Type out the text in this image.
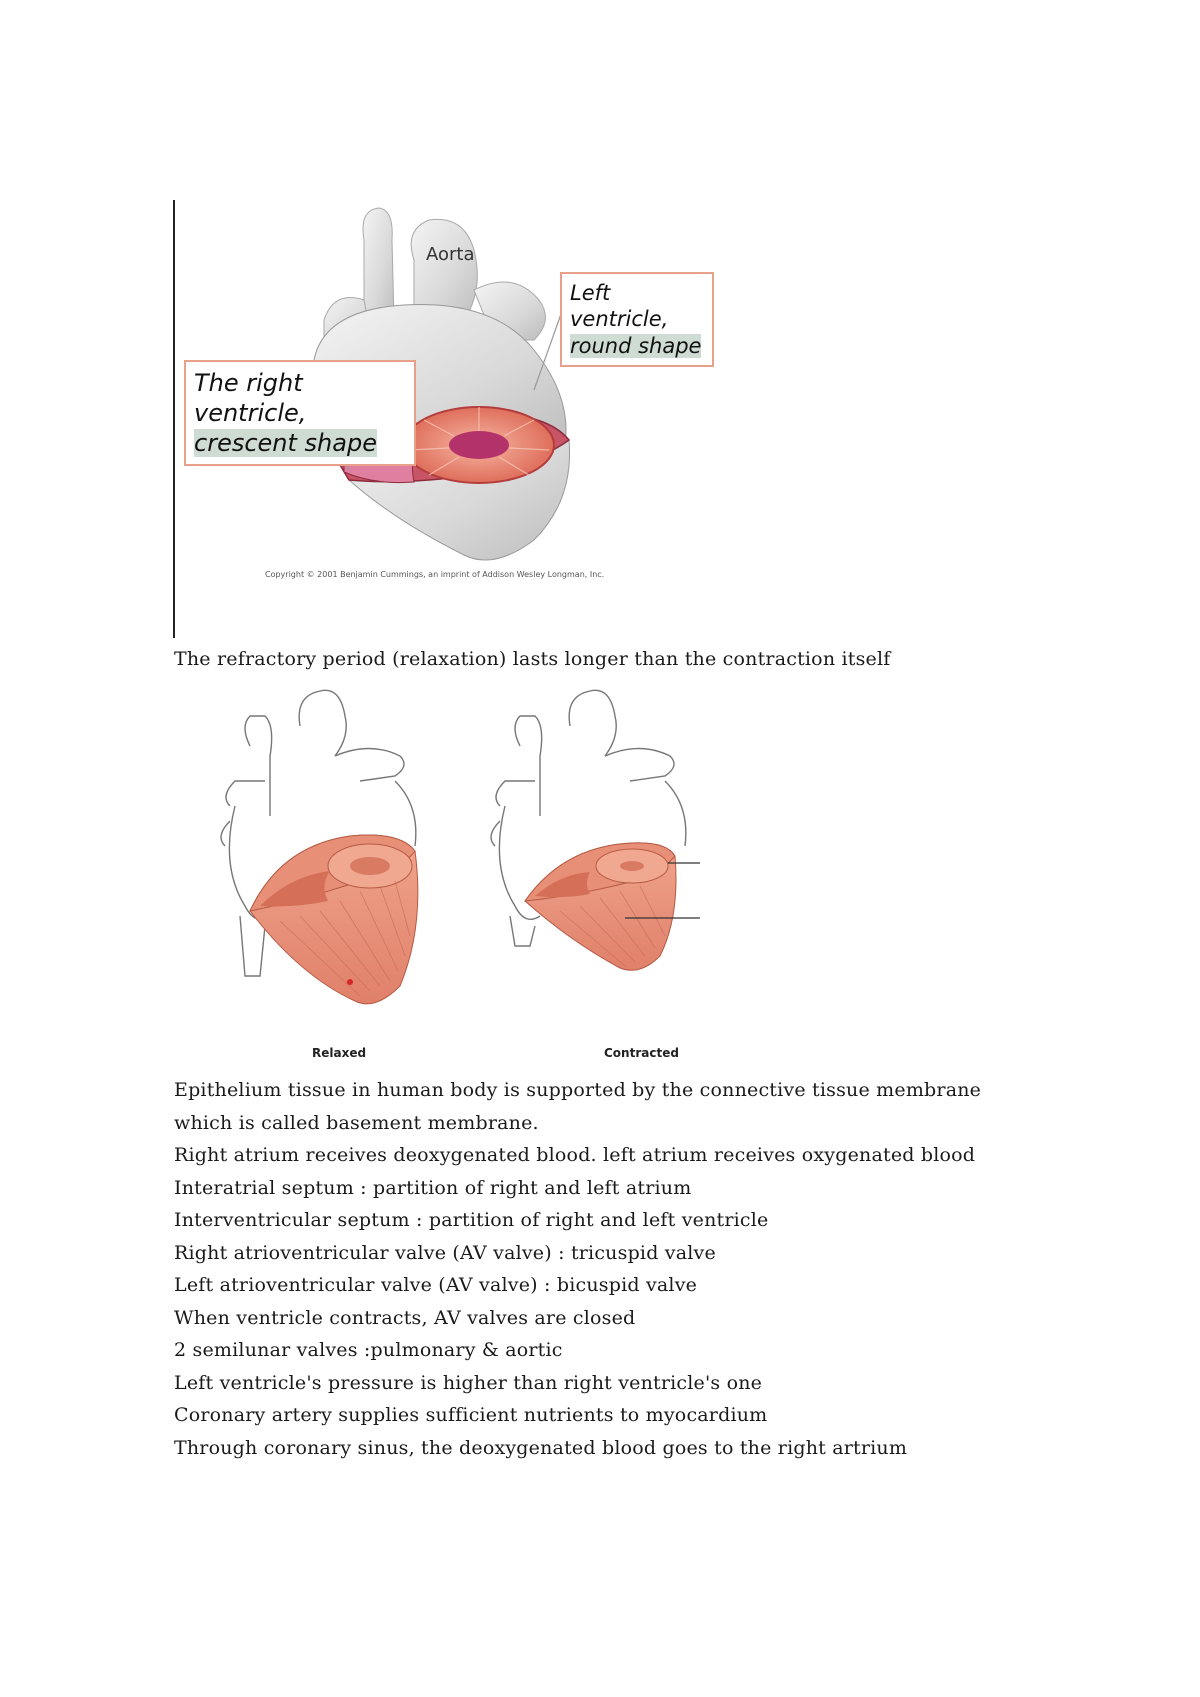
Aorta
The right ventricle,
crescent shape
Left ventricle,
round shape
Copyright © 2001 Benjamin Cummings, an imprint of Addison Wesley Longman, Inc.
The refractory period (relaxation) lasts longer than the contraction itself
Relaxed	Contracted
Epithelium tissue in human body is supported by the connective tissue membrane
which is called basement membrane.
Right atrium receives deoxygenated blood. left atrium receives oxygenated blood
Interatrial septum : partition of right and left atrium
Interventricular septum : partition of right and left ventricle
Right atrioventricular valve (AV valve) : tricuspid valve
Left atrioventricular valve (AV valve) : bicuspid valve
When ventricle contracts, AV valves are closed
2 semilunar valves :pulmonary & aortic
Left ventricle's pressure is higher than right ventricle's one
Coronary artery supplies sufficient nutrients to myocardium
Through coronary sinus, the deoxygenated blood goes to the right artrium
